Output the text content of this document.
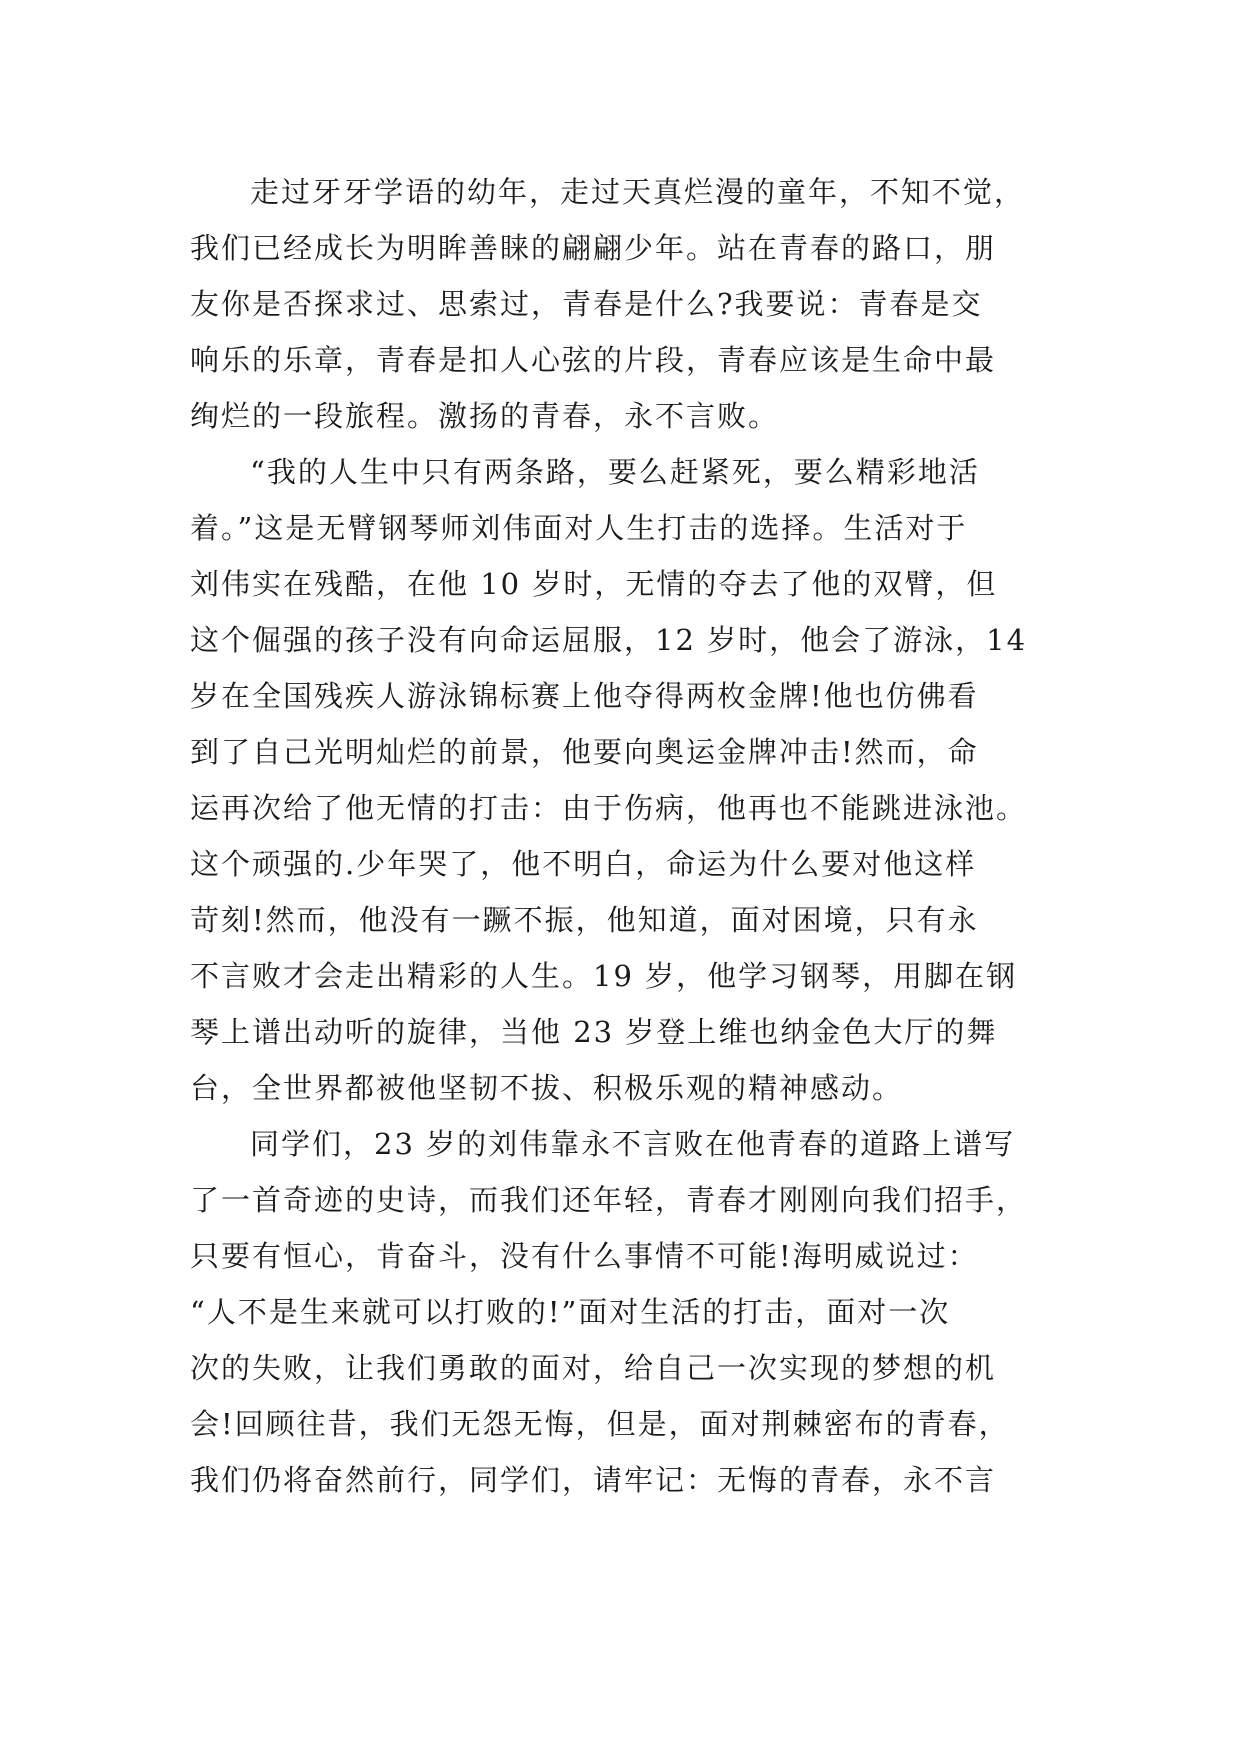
走过牙牙学语的幼年，走过天真烂漫的童年，不知不觉，
我们已经成长为明眸善睐的翩翩少年。站在青春的路口，朋
友你是否探求过、思索过，青春是什么?我要说：青春是交
响乐的乐章，青春是扣人心弦的片段，青春应该是生命中最
绚烂的一段旅程。激扬的青春，永不言败。
“我的人生中只有两条路，要么赶紧死，要么精彩地活
着。”这是无臂钢琴师刘伟面对人生打击的选择。生活对于
刘伟实在残酷，在他 10 岁时，无情的夺去了他的双臂，但
这个倔强的孩子没有向命运屈服，12 岁时，他会了游泳，14
岁在全国残疾人游泳锦标赛上他夺得两枚金牌!他也仿佛看
到了自己光明灿烂的前景，他要向奥运金牌冲击!然而，命
运再次给了他无情的打击：由于伤病，他再也不能跳进泳池。
这个顽强的.少年哭了，他不明白，命运为什么要对他这样
苛刻!然而，他没有一蹶不振，他知道，面对困境，只有永
不言败才会走出精彩的人生。19 岁，他学习钢琴，用脚在钢
琴上谱出动听的旋律，当他 23 岁登上维也纳金色大厅的舞
台，全世界都被他坚韧不拔、积极乐观的精神感动。
同学们，23 岁的刘伟靠永不言败在他青春的道路上谱写
了一首奇迹的史诗，而我们还年轻，青春才刚刚向我们招手，
只要有恒心，肯奋斗，没有什么事情不可能!海明威说过：
“人不是生来就可以打败的!”面对生活的打击，面对一次
次的失败，让我们勇敢的面对，给自己一次实现的梦想的机
会!回顾往昔，我们无怨无悔，但是，面对荆棘密布的青春，
我们仍将奋然前行，同学们，请牢记：无悔的青春，永不言
